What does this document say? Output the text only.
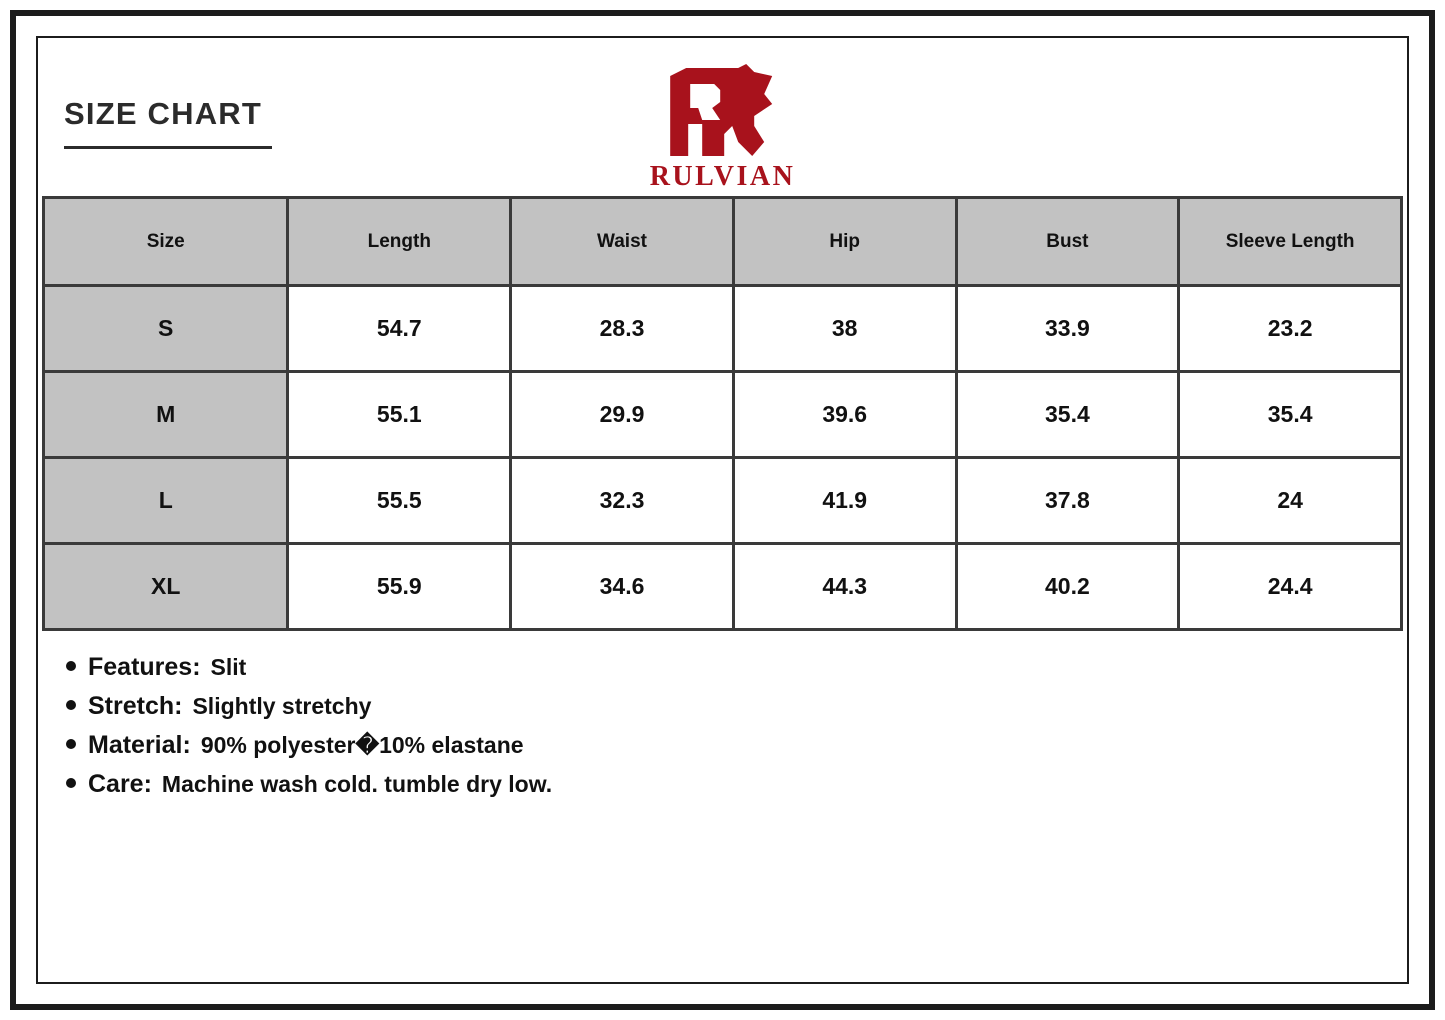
SIZE CHART
RULVIAN
Size	Length	Waist	Hip	Bust	Sleeve Length
S	54.7	28.3	38	33.9	23.2
M	55.1	29.9	39.6	35.4	35.4
L	55.5	32.3	41.9	37.8	24
XL	55.9	34.6	44.3	40.2	24.4
Features: Slit
Stretch: Slightly stretchy
Material: 90% polyester�10% elastane
Care: Machine wash cold. tumble dry low.
